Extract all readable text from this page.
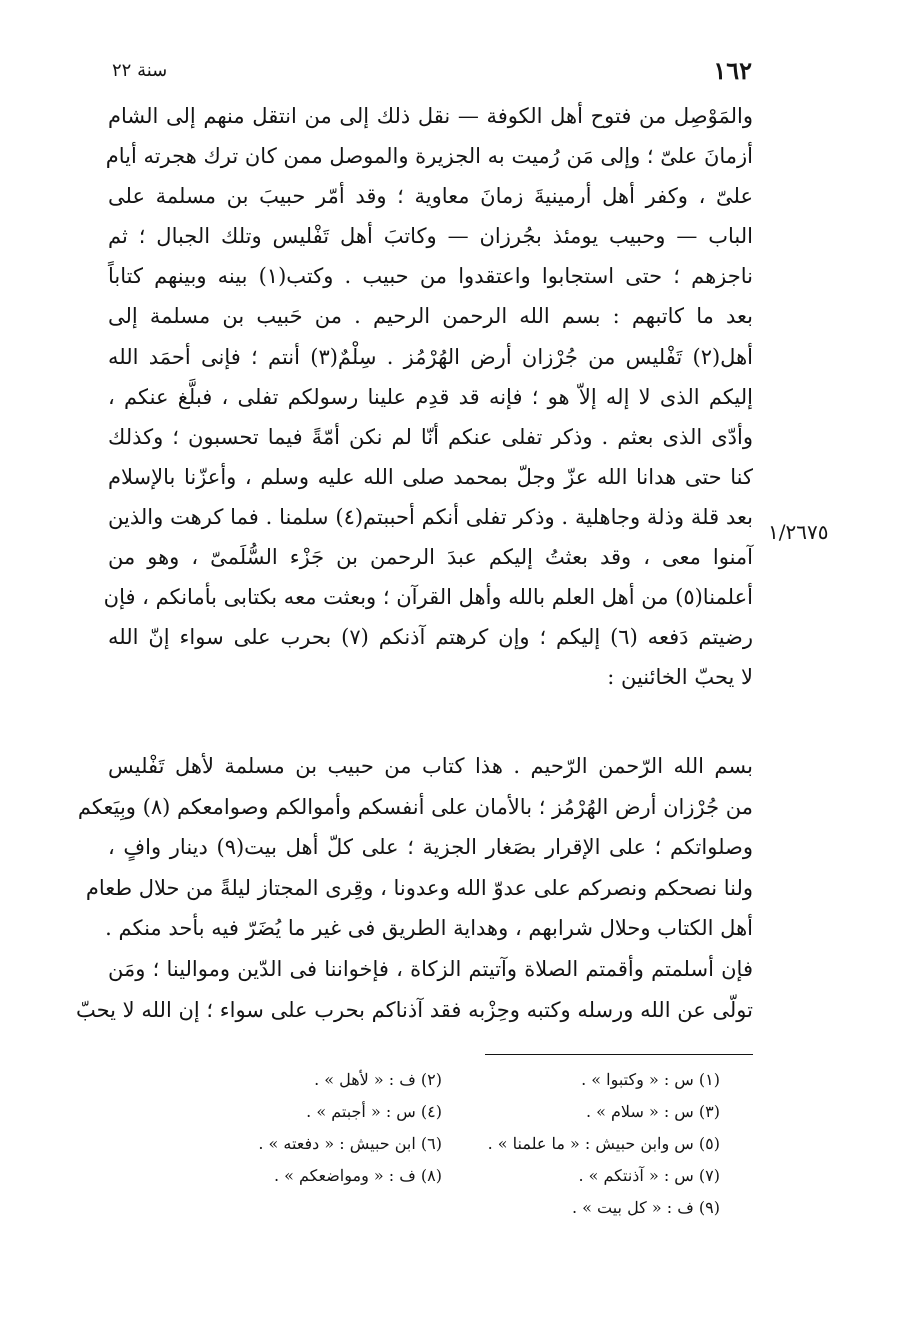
١٦٢
سنة ٢٢
١/٢٦٧٥
والمَوْصِل من فتوح أهل الكوفة — نقل ذلك إلى من انتقل منهم إلى الشام
أزمانَ علىّ ؛ وإلى مَن رُميت به الجزيرة والموصل ممن كان ترك هجرته أيام
علىّ ، وكفر أهل أرمينيةَ زمانَ معاوية ؛ وقد أمّر حبيبَ بن مسلمة على
الباب — وحبيب يومئذ بجُرزان — وكاتبَ أهل تَفْليس وتلك الجبال ؛ ثم
ناجزهم ؛ حتى استجابوا واعتقدوا من حبيب . وكتب(١) بينه وبينهم كتاباً
بعد ما كاتبهم : بسم الله الرحمن الرحيم . من حَبيب بن مسلمة إلى
أهل(٢) تَفْليس من جُرْزان أرض الهُرْمُز . سِلْمٌ(٣) أنتم ؛ فإنى أحمَد الله
إليكم الذى لا إله إلاّ هو ؛ فإنه قد قدِم علينا رسولكم تفلى ، فبلَّغ عنكم ،
وأدّى الذى بعثم . وذكر تفلى عنكم أنّا لم نكن أمّةً فيما تحسبون ؛ وكذلك
كنا حتى هدانا الله عزّ وجلّ بمحمد صلى الله عليه وسلم ، وأعزّنا بالإسلام
بعد قلة وذلة وجاهلية . وذكر تفلى أنكم أحببتم(٤) سلمنا . فما كرهت والذين
آمنوا معى ، وقد بعثتُ إليكم عبدَ الرحمن بن جَزْء السُّلَمىّ ، وهو من
أعلمنا(٥) من أهل العلم بالله وأهل القرآن ؛ وبعثت معه بكتابى بأمانكم ، فإن
رضيتم دَفعه (٦) إليكم ؛ وإن كرهتم آذنكم (٧) بحرب على سواء إنّ الله
لا يحبّ الخائنين :
بسم الله الرّحمن الرّحيم . هذا كتاب من حبيب بن مسلمة لأهل تَفْليس
من جُرْزان أرض الهُرْمُز ؛ بالأمان على أنفسكم وأموالكم وصوامعكم (٨) وبِيَعكم
وصلواتكم ؛ على الإقرار بصَغار الجزية ؛ على كلّ أهل بيت(٩) دينار وافٍ ،
ولنا نصحكم ونصركم على عدوّ الله وعدونا ، وقِرى المجتاز ليلةً من حلال طعام
أهل الكتاب وحلال شرابهم ، وهداية الطريق فى غير ما يُضَرّ فيه بأحد منكم .
فإن أسلمتم وأقمتم الصلاة وآتيتم الزكاة ، فإخواننا فى الدّين وموالينا ؛ ومَن
تولّى عن الله ورسله وكتبه وحِزْبه فقد آذناكم بحرب على سواء ؛ إن الله لا يحبّ
(١) س : « وكتبوا » .
(٢) ف : « لأهل » .
(٣) س : « سلام » .
(٤) س : « أجبتم » .
(٥) س وابن حبيش : « ما علمنا » .
(٦) ابن حبيش : « دفعته » .
(٧) س : « آذنتكم » .
(٨) ف : « ومواضعكم » .
(٩) ف : « كل بيت » .
